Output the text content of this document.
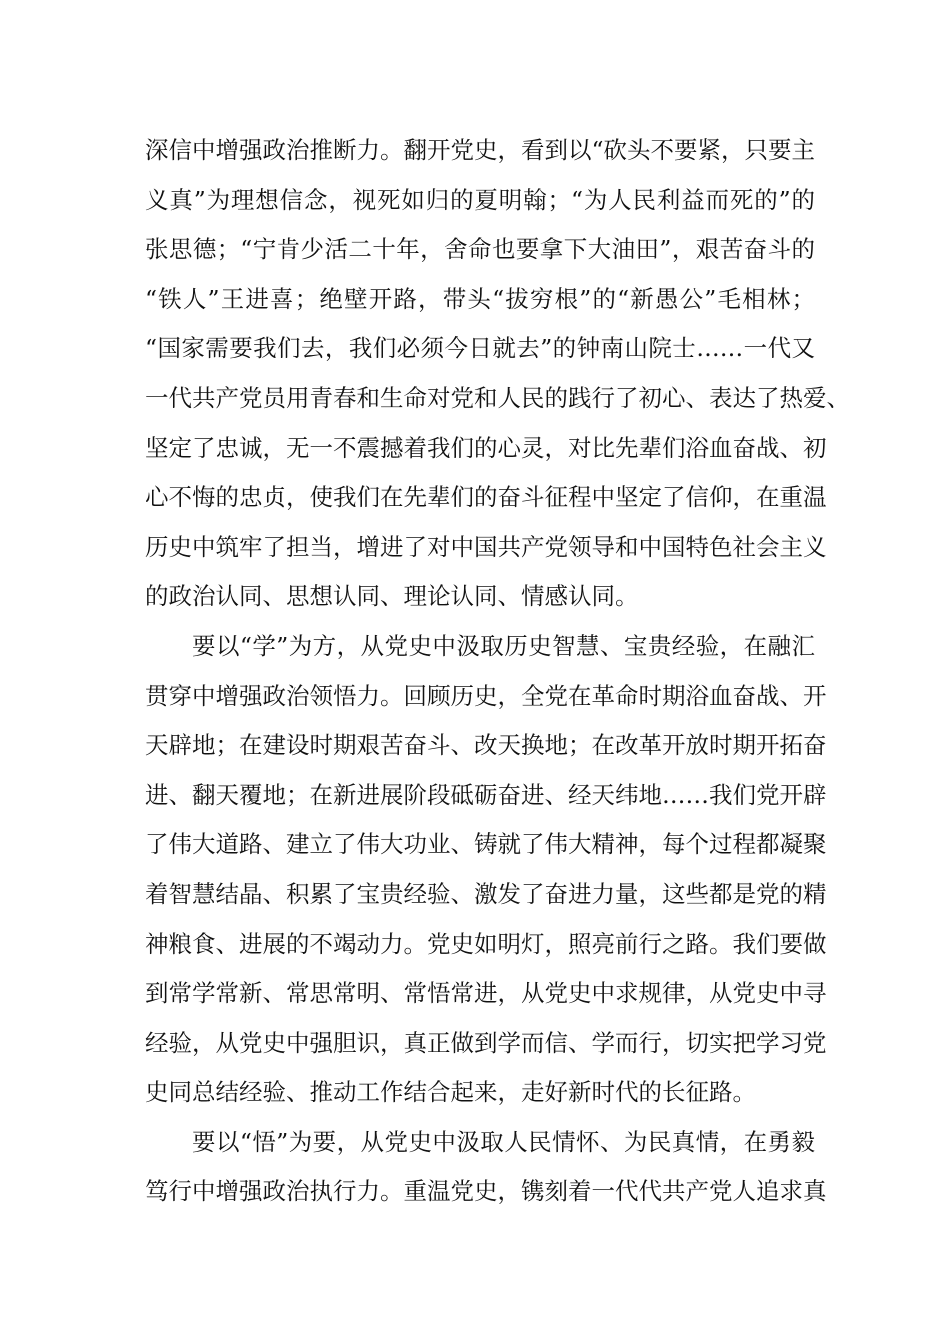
深信中增强政治推断力。翻开党史，看到以“砍头不要紧，只要主
义真”为理想信念，视死如归的夏明翰；“为人民利益而死的”的
张思德；“宁肯少活二十年，舍命也要拿下大油田”，艰苦奋斗的
“铁人”王进喜；绝壁开路，带头“拔穷根”的“新愚公”毛相林；
“国家需要我们去，我们必须今日就去”的钟南山院士……一代又
一代共产党员用青春和生命对党和人民的践行了初心、表达了热爱、
坚定了忠诚，无一不震撼着我们的心灵，对比先辈们浴血奋战、初
心不悔的忠贞，使我们在先辈们的奋斗征程中坚定了信仰，在重温
历史中筑牢了担当，增进了对中国共产党领导和中国特色社会主义
的政治认同、思想认同、理论认同、情感认同。
要以“学”为方，从党史中汲取历史智慧、宝贵经验，在融汇
贯穿中增强政治领悟力。回顾历史，全党在革命时期浴血奋战、开
天辟地；在建设时期艰苦奋斗、改天换地；在改革开放时期开拓奋
进、翻天覆地；在新进展阶段砥砺奋进、经天纬地……我们党开辟
了伟大道路、建立了伟大功业、铸就了伟大精神，每个过程都凝聚
着智慧结晶、积累了宝贵经验、激发了奋进力量，这些都是党的精
神粮食、进展的不竭动力。党史如明灯，照亮前行之路。我们要做
到常学常新、常思常明、常悟常进，从党史中求规律，从党史中寻
经验，从党史中强胆识，真正做到学而信、学而行，切实把学习党
史同总结经验、推动工作结合起来，走好新时代的长征路。
要以“悟”为要，从党史中汲取人民情怀、为民真情，在勇毅
笃行中增强政治执行力。重温党史，镌刻着一代代共产党人追求真
